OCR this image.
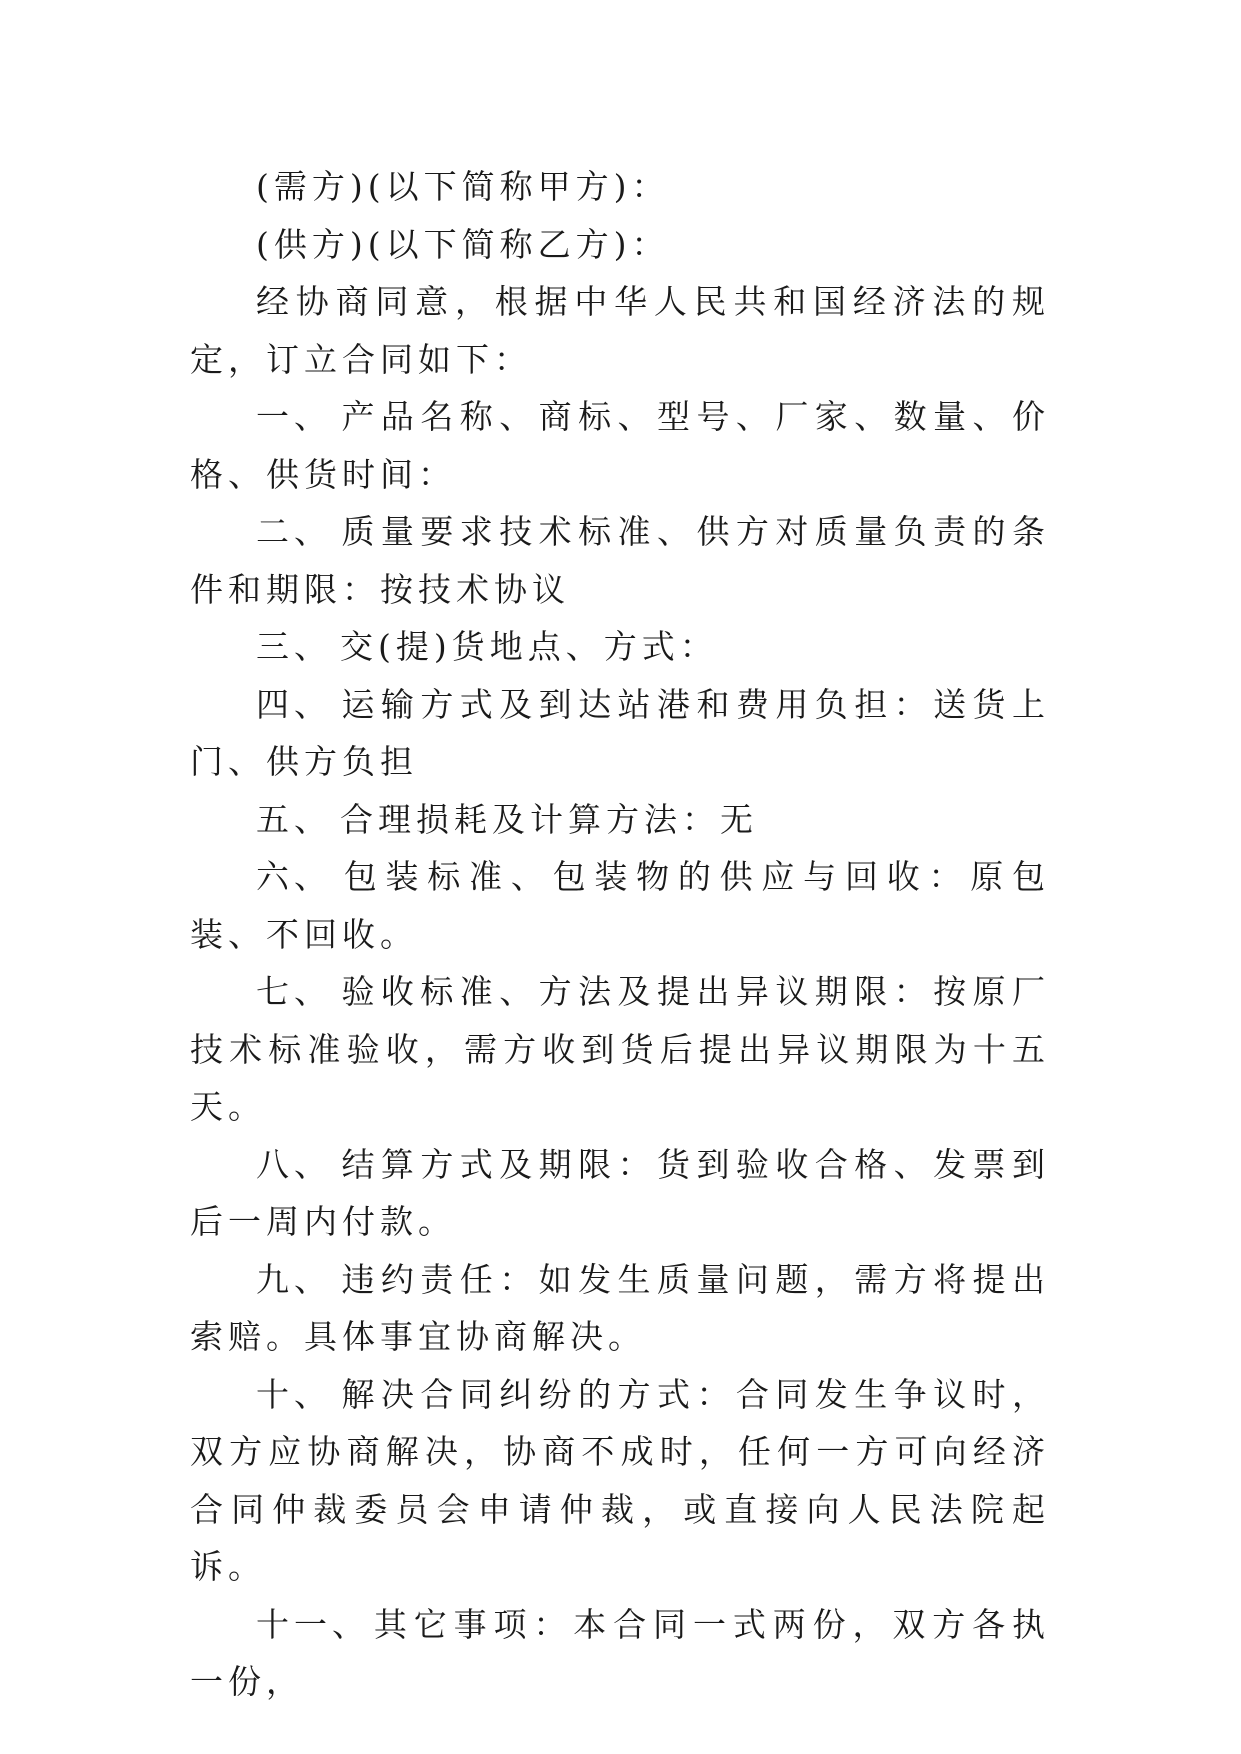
(需方)(以下简称甲方)：

(供方)(以下简称乙方)：

经协商同意，根据中华人民共和国经济法的规定，订立合同如下：

一、 产品名称、商标、型号、厂家、数量、价格、供货时间：

二、 质量要求技术标准、供方对质量负责的条件和期限：按技术协议

三、 交(提)货地点、方式：

四、 运输方式及到达站港和费用负担：送货上门、供方负担

五、 合理损耗及计算方法：无

六、 包装标准、包装物的供应与回收：原包装、不回收。

七、 验收标准、方法及提出异议期限：按原厂技术标准验收，需方收到货后提出异议期限为十五天。

八、 结算方式及期限：货到验收合格、发票到后一周内付款。

九、 违约责任：如发生质量问题，需方将提出索赔。具体事宜协商解决。

十、 解决合同纠纷的方式：合同发生争议时，双方应协商解决，协商不成时，任何一方可向经济合同仲裁委员会申请仲裁，或直接向人民法院起诉。

十一、其它事项：本合同一式两份，双方各执一份，
